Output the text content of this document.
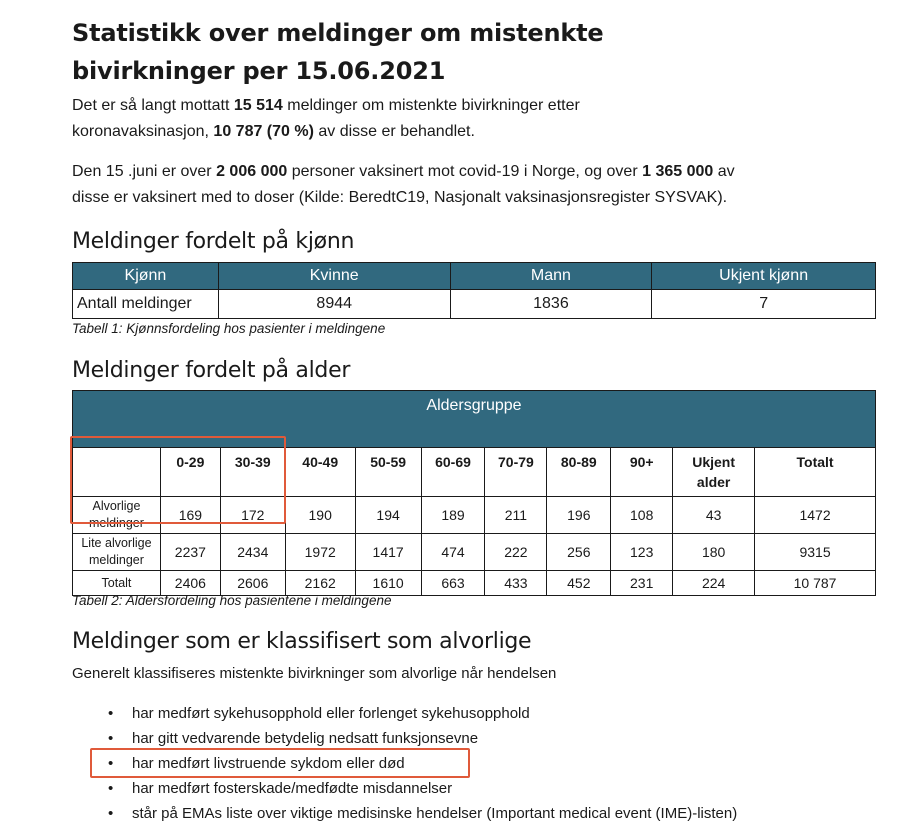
Statistikk over meldinger om mistenkte
bivirkninger per 15.06.2021

Det er så langt mottatt 15 514 meldinger om mistenkte bivirkninger etter
koronavaksinasjon, 10 787 (70 %) av disse er behandlet.

Den 15 .juni er over 2 006 000 personer vaksinert mot covid-19 i Norge, og over 1 365 000 av
disse er vaksinert med to doser (Kilde: BeredtC19, Nasjonalt vaksinasjonsregister SYSVAK).

Meldinger fordelt på kjønn
Kjønn	Kvinne	Mann	Ukjent kjønn
Antall meldinger	8944	1836	7

Tabell 1: Kjønnsfordeling hos pasienter i meldingene

Meldinger fordelt på alder
Aldersgruppe										
	0-29	30-39	40-49	50-59	60-69	70-79	80-89	90+	Ukjent alder	Totalt
Alvorlige meldinger	169	172	190	194	189	211	196	108	43	1472
Lite alvorlige meldinger	2237	2434	1972	1417	474	222	256	123	180	9315
Totalt	2406	2606	2162	1610	663	433	452	231	224	10 787

Tabell 2: Aldersfordeling hos pasientene i meldingene

Meldinger som er klassifisert som alvorlige

Generelt klassifiseres mistenkte bivirkninger som alvorlige når hendelsen

• har medført sykehusopphold eller forlenget sykehusopphold
• har gitt vedvarende betydelig nedsatt funksjonsevne
• har medført livstruende sykdom eller død
• har medført fosterskade/medfødte misdannelser
• står på EMAs liste over viktige medisinske hendelser (Important medical event (IME)-listen)
